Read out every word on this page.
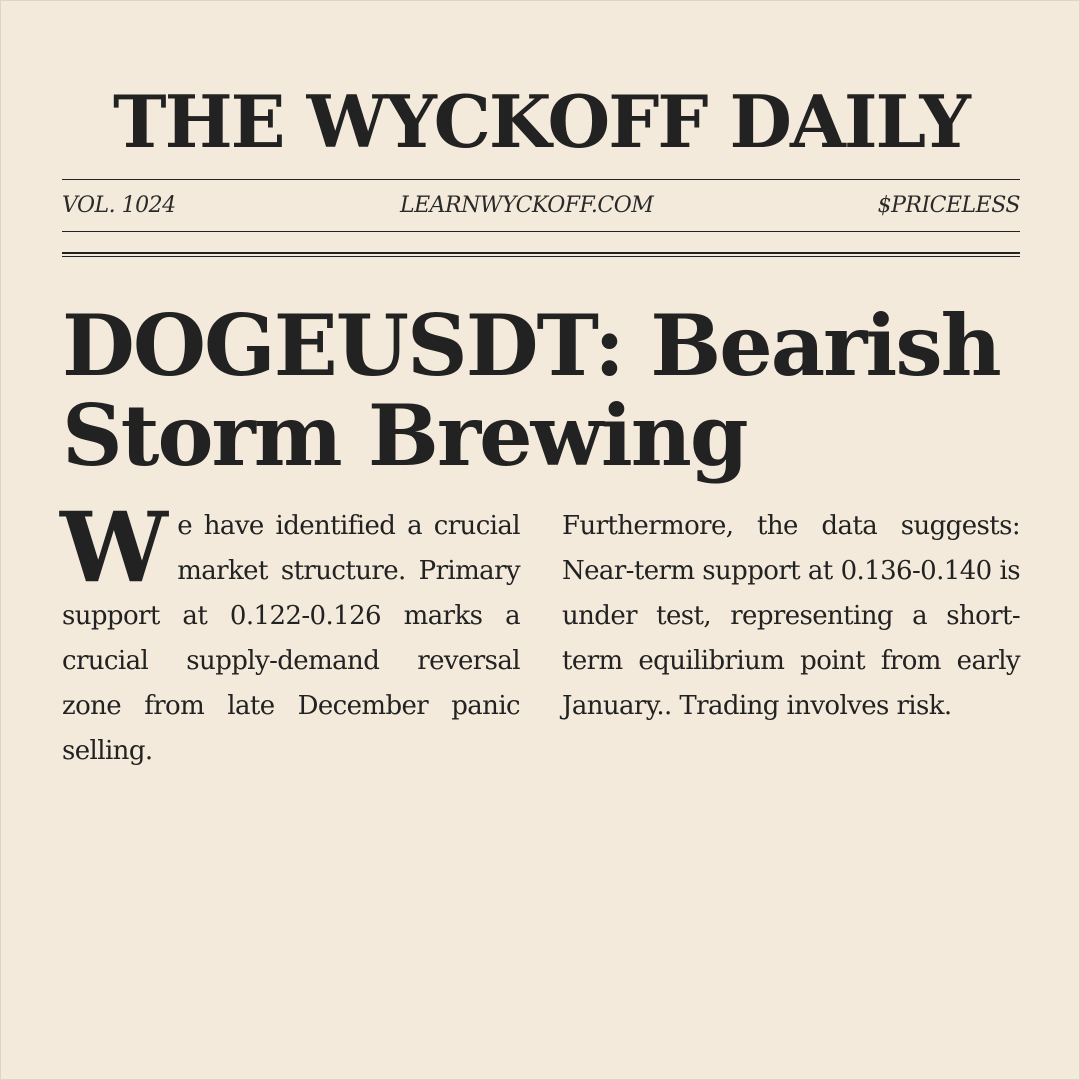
THE WYCKOFF DAILY
VOL. 1024	LEARNWYCKOFF.COM	$PRICELESS
DOGEUSDT: Bearish Storm Brewing
We have identified a crucial market structure. Primary support at 0.122-0.126 marks a crucial supply-demand reversal zone from late December panic selling.
Furthermore, the data suggests: Near-term support at 0.136-0.140 is under test, representing a short-term equilibrium point from early January.. Trading involves risk.
